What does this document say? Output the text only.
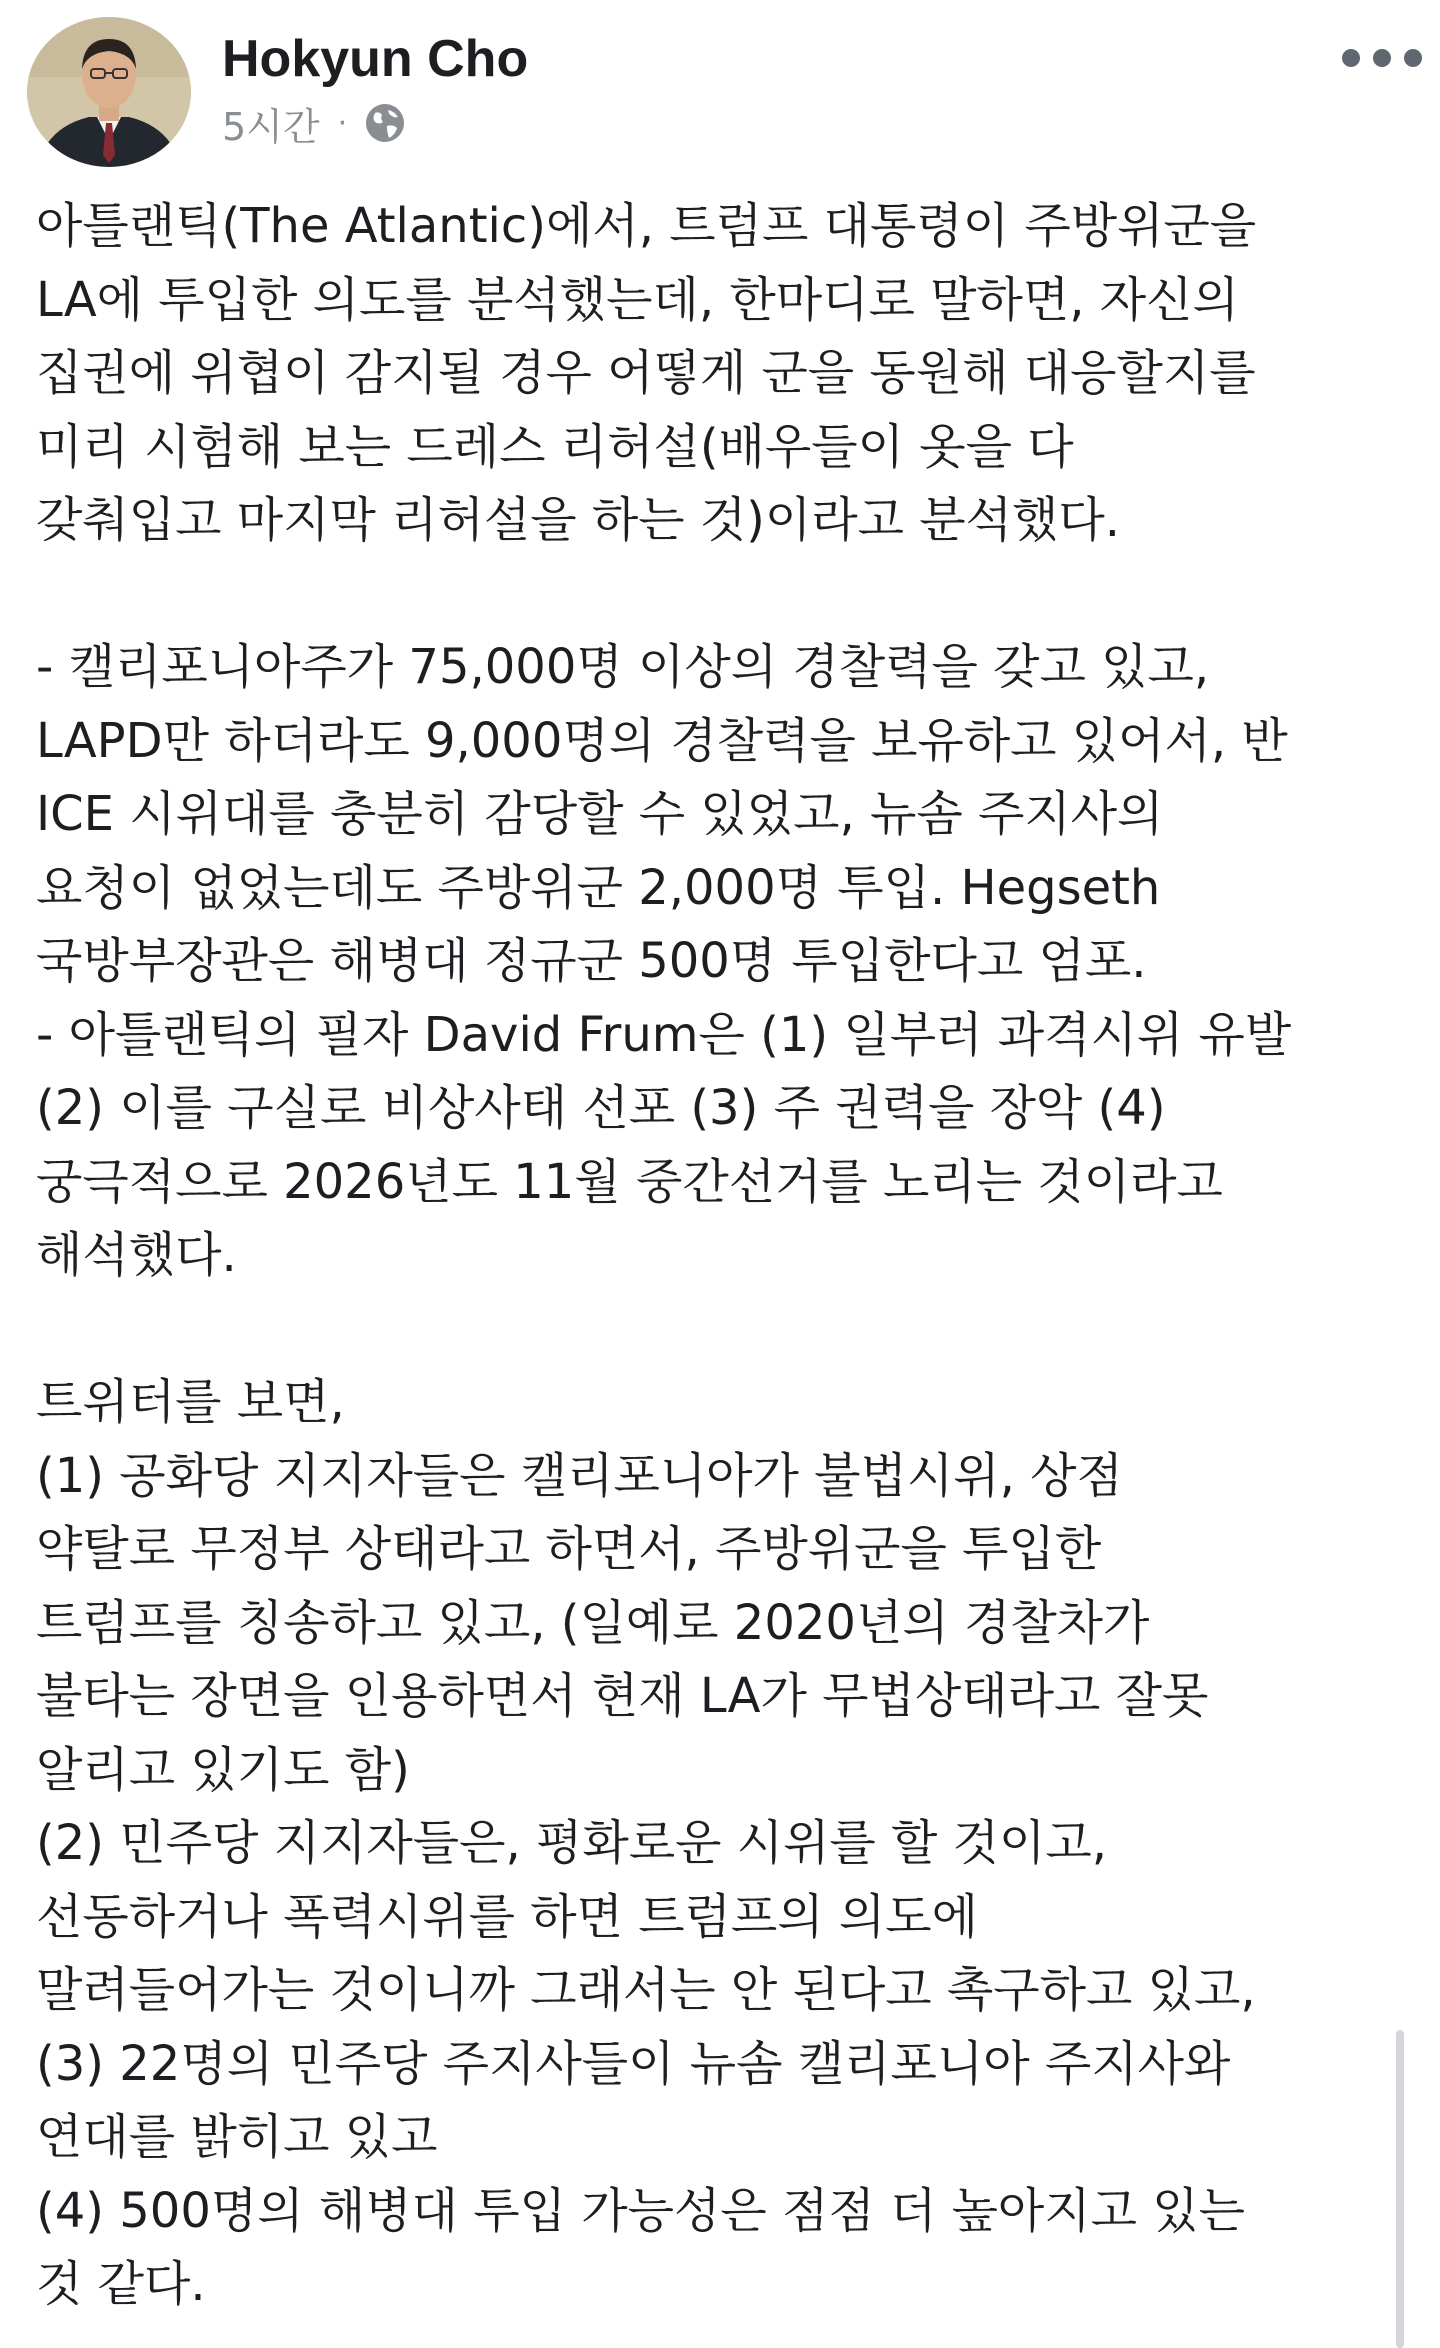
Hokyun Cho
5시간 ·

아틀랜틱(The Atlantic)에서, 트럼프 대통령이 주방위군을
LA에 투입한 의도를 분석했는데, 한마디로 말하면, 자신의
집권에 위협이 감지될 경우 어떻게 군을 동원해 대응할지를
미리 시험해 보는 드레스 리허설(배우들이 옷을 다
갖춰입고 마지막 리허설을 하는 것)이라고 분석했다.

- 캘리포니아주가 75,000명 이상의 경찰력을 갖고 있고,
LAPD만 하더라도 9,000명의 경찰력을 보유하고 있어서, 반
ICE 시위대를 충분히 감당할 수 있었고, 뉴솜 주지사의
요청이 없었는데도 주방위군 2,000명 투입. Hegseth
국방부장관은 해병대 정규군 500명 투입한다고 엄포.
- 아틀랜틱의 필자 David Frum은 (1) 일부러 과격시위 유발
(2) 이를 구실로 비상사태 선포 (3) 주 권력을 장악 (4)
궁극적으로 2026년도 11월 중간선거를 노리는 것이라고
해석했다.

트위터를 보면,
(1) 공화당 지지자들은 캘리포니아가 불법시위, 상점
약탈로 무정부 상태라고 하면서, 주방위군을 투입한
트럼프를 칭송하고 있고, (일예로 2020년의 경찰차가
불타는 장면을 인용하면서 현재 LA가 무법상태라고 잘못
알리고 있기도 함)
(2) 민주당 지지자들은, 평화로운 시위를 할 것이고,
선동하거나 폭력시위를 하면 트럼프의 의도에
말려들어가는 것이니까 그래서는 안 된다고 촉구하고 있고,
(3) 22명의 민주당 주지사들이 뉴솜 캘리포니아 주지사와
연대를 밝히고 있고
(4) 500명의 해병대 투입 가능성은 점점 더 높아지고 있는
것 같다.
